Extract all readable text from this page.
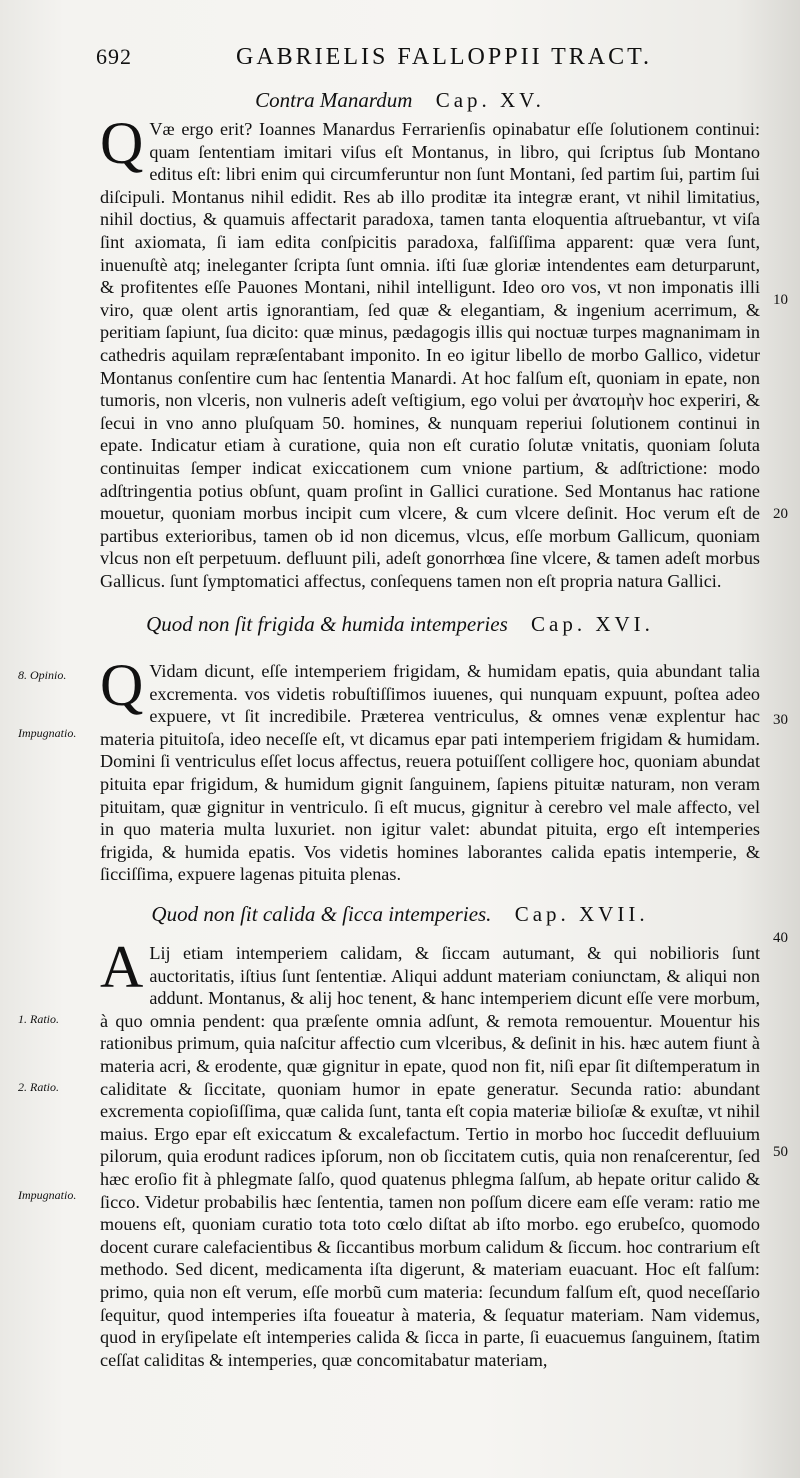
692	GABRIELIS FALLOPPII TRACT.
Contra Manardum Cap. XV.

Q Væ ergo erit? Ioannes Manardus Ferrarienſis opinabatur eſſe ſolutionem continui: quam ſententiam imitari viſus eſt Montanus, in libro, qui ſcriptus ſub Montano editus eſt: libri enim qui circumferuntur non ſunt Montani, ſed partim ſui, partim ſui diſcipuli. Montanus nihil edidit. Res ab illo proditæ ita integræ erant, vt nihil limitatius, nihil doctius, & quamuis affectarit paradoxa, tamen tanta eloquentia aſtruebantur, vt viſa ſint axiomata, ſi iam edita conſpicitis paradoxa, falſiſſima apparent: quæ vera ſunt, inuenuſtè atq; ineleganter ſcripta ſunt omnia. iſti ſuæ gloriæ intendentes eam deturparunt, & profitentes eſſe Pauones Montani, nihil intelligunt. Ideo oro vos, vt non imponatis illi viro, quæ olent artis ignorantiam, ſed quæ & elegantiam, & ingenium acerrimum, & peritiam ſapiunt, ſua dicito: quæ minus, pædagogis illis qui noctuæ turpes magnanimam in cathedris aquilam repræſentabant imponito. In eo igitur libello de morbo Gallico, videtur Montanus conſentire cum hac ſententia Manardi. At hoc falſum eſt, quoniam in epate, non tumoris, non vlceris, non vulneris adeſt veſtigium, ego volui per ἀνατομὴν hoc experiri, & ſecui in vno anno pluſquam 50. homines, & nunquam reperiui ſolutionem continui in epate. Indicatur etiam à curatione, quia non eſt curatio ſolutæ vnitatis, quoniam ſoluta continuitas ſemper indicat exiccationem cum vnione partium, & adſtrictione: modo adſtringentia potius obſunt, quam proſint in Gallici curatione. Sed Montanus hac ratione mouetur, quoniam morbus incipit cum vlcere, & cum vlcere deſinit. Hoc verum eſt de partibus exterioribus, tamen ob id non dicemus, vlcus, eſſe morbum Gallicum, quoniam vlcus non eſt perpetuum. defluunt pili, adeſt gonorrhœa ſine vlcere, & tamen adeſt morbus Gallicus. ſunt ſymptomatici affectus, conſequens tamen non eſt propria natura Gallici.

Quod non ſit frigida & humida intemperies Cap. XVI.

Q Vidam dicunt, eſſe intemperiem frigidam, & humidam epatis, quia abundant talia excrementa. vos videtis robuſtiſſimos iuuenes, qui nunquam expuunt, poſtea adeo expuere, vt ſit incredibile. Præterea ventriculus, & omnes venæ explentur hac materia pituitoſa, ideo neceſſe eſt, vt dicamus epar pati intemperiem frigidam & humidam. Domini ſi ventriculus eſſet locus affectus, reuera potuiſſent colligere hoc, quoniam abundat pituita epar frigidum, & humidum gignit ſanguinem, ſapiens pituitæ naturam, non veram pituitam, quæ gignitur in ventriculo. ſi eſt mucus, gignitur à cerebro vel male affecto, vel in quo materia multa luxuriet. non igitur valet: abundat pituita, ergo eſt intemperies frigida, & humida epatis. Vos videtis homines laborantes calida epatis intemperie, & ſicciſſima, expuere lagenas pituita plenas.

Quod non ſit calida & ſicca intemperies. Cap. XVII.

A Lij etiam intemperiem calidam, & ſiccam autumant, & qui nobilioris ſunt auctoritatis, iſtius ſunt ſententiæ. Aliqui addunt materiam coniunctam, & aliqui non addunt. Montanus, & alij hoc tenent, & hanc intemperiem dicunt eſſe vere morbum, à quo omnia pendent: qua præſente omnia adſunt, & remota remouentur. Mouentur his rationibus primum, quia naſcitur affectio cum vlceribus, & deſinit in his. hæc autem fiunt à materia acri, & erodente, quæ gignitur in epate, quod non fit, niſi epar ſit diſtemperatum in caliditate & ſiccitate, quoniam humor in epate generatur. Secunda ratio: abundant excrementa copioſiſſima, quæ calida ſunt, tanta eſt copia materiæ bilioſæ & exuſtæ, vt nihil maius. Ergo epar eſt exiccatum & excalefactum. Tertio in morbo hoc ſuccedit defluuium pilorum, quia erodunt radices ipſorum, non ob ſiccitatem cutis, quia non renaſcerentur, ſed hæc eroſio fit à phlegmate ſalſo, quod quatenus phlegma ſalſum, ab hepate oritur calido & ſicco. Videtur probabilis hæc ſententia, tamen non poſſum dicere eam eſſe veram: ratio me mouens eſt, quoniam curatio tota toto cœlo diſtat ab iſto morbo. ego erubeſco, quomodo docent curare calefacientibus & ſiccantibus morbum calidum & ſiccum. hoc contrarium eſt methodo. Sed dicent, medicamenta iſta digerunt, & materiam euacuant. Hoc eſt falſum: primo, quia non eſt verum, eſſe morbũ cum materia: ſecundum falſum eſt, quod neceſſario ſequitur, quod intemperies iſta foueatur à materia, & ſequatur materiam. Nam videmus, quod in eryſipelate eſt intemperies calida & ſicca in parte, ſi euacuemus ſanguinem, ſtatim ceſſat caliditas & intemperies, quæ concomitabatur materiam,

8. Opinio.
Impugnatio.
1. Ratio.
2. Ratio.
Impugnatio.
10
20
30
40
50
